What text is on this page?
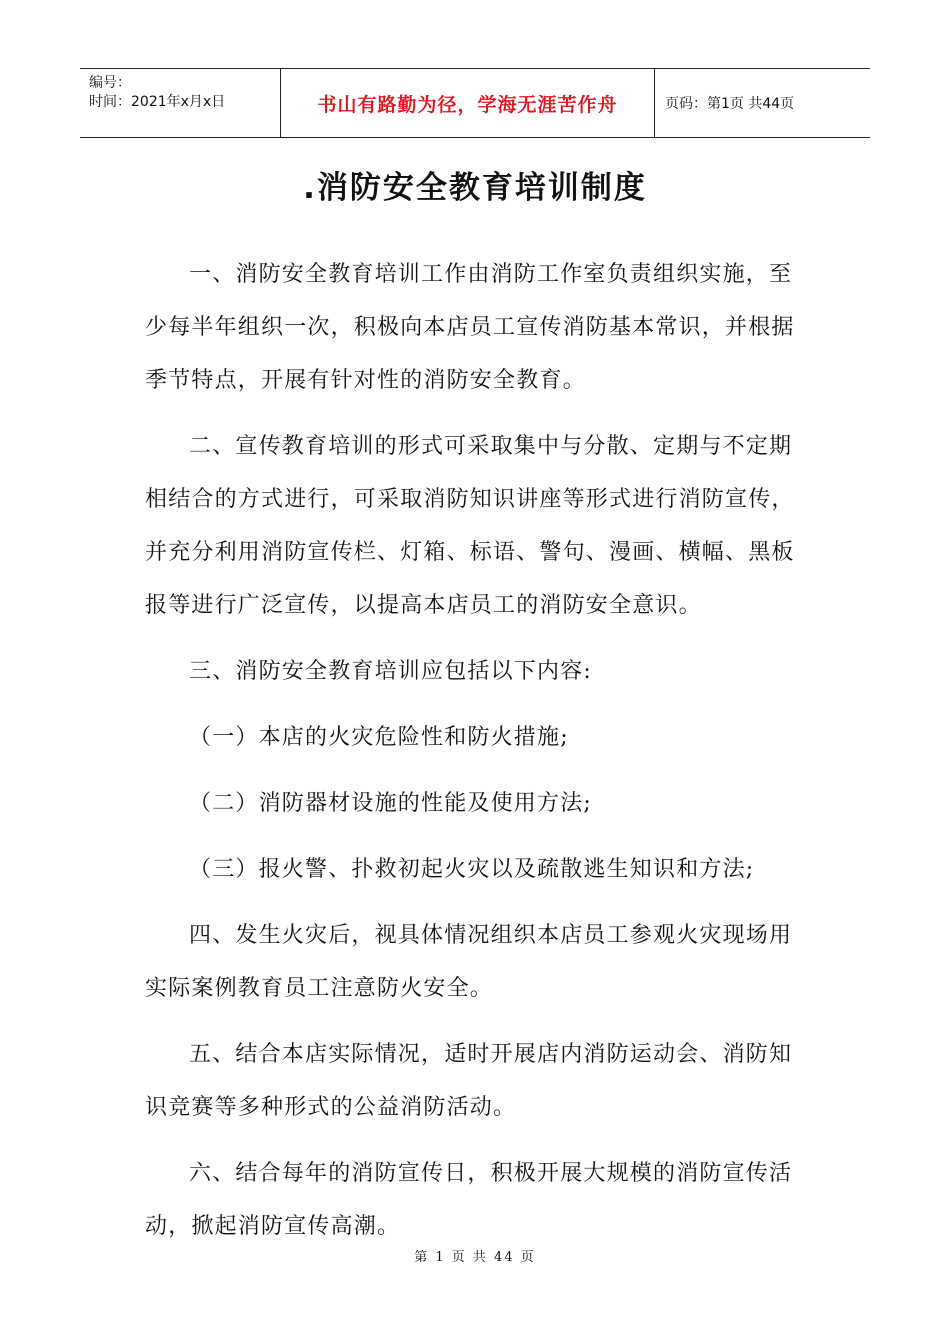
编号：
时间：2021年x月x日	书山有路勤为径，学海无涯苦作舟	页码：第1页 共44页
.消防安全教育培训制度

一、消防安全教育培训工作由消防工作室负责组织实施，至少每半年组织一次，积极向本店员工宣传消防基本常识，并根据季节特点，开展有针对性的消防安全教育。

二、宣传教育培训的形式可采取集中与分散、定期与不定期相结合的方式进行，可采取消防知识讲座等形式进行消防宣传，并充分利用消防宣传栏、灯箱、标语、警句、漫画、横幅、黑板报等进行广泛宣传，以提高本店员工的消防安全意识。

三、消防安全教育培训应包括以下内容:

（一）本店的火灾危险性和防火措施;

（二）消防器材设施的性能及使用方法;

（三）报火警、扑救初起火灾以及疏散逃生知识和方法;

四、发生火灾后，视具体情况组织本店员工参观火灾现场用实际案例教育员工注意防火安全。

五、结合本店实际情况，适时开展店内消防运动会、消防知识竞赛等多种形式的公益消防活动。

六、结合每年的消防宣传日，积极开展大规模的消防宣传活动，掀起消防宣传高潮。

第 1 页 共 44 页
